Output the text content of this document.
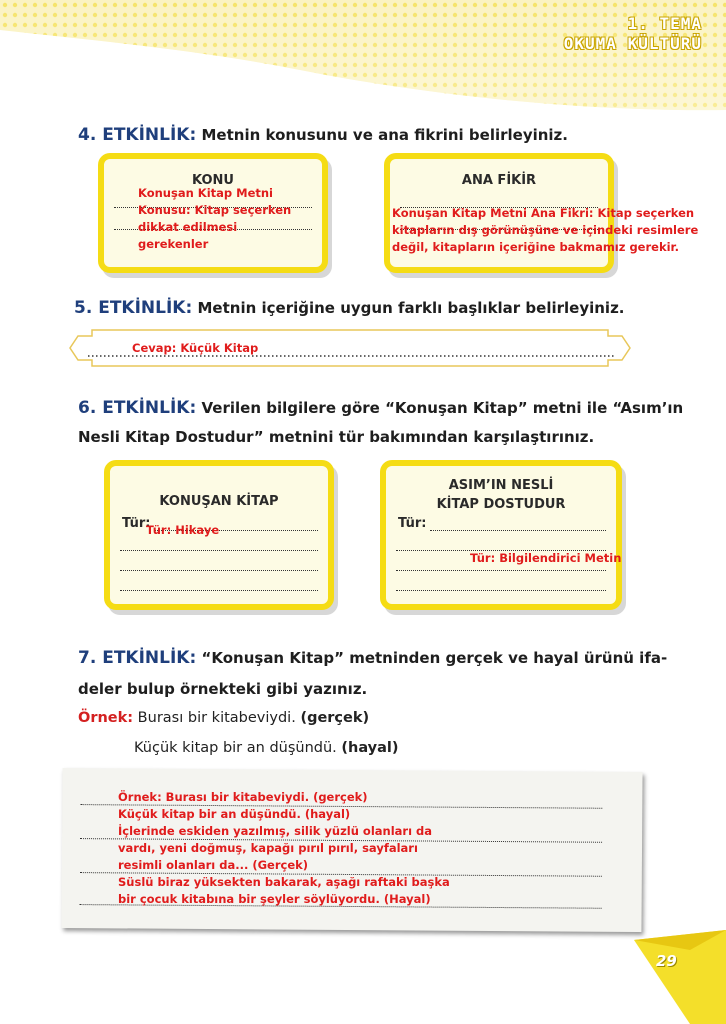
1. TEMA
OKUMA KÜLTÜRÜ
4. ETKİNLİK: Metnin konusunu ve ana fikrini belirleyiniz.
KONU
Konuşan Kitap Metni
Konusu: Kitap seçerken
dikkat edilmesi
gerekenler
ANA FİKİR
Konuşan Kitap Metni Ana Fikri: Kitap seçerken
kitapların dış görünüşüne ve içindeki resimlere
değil, kitapların içeriğine bakmamız gerekir.
5. ETKİNLİK: Metnin içeriğine uygun farklı başlıklar belirleyiniz.
Cevap: Küçük Kitap
6. ETKİNLİK: Verilen bilgilere göre “Konuşan Kitap” metni ile “Asım’ın
Nesli Kitap Dostudur” metnini tür bakımından karşılaştırınız.
KONUŞAN KİTAP
Tür:
Tür: Hikaye
ASIM’IN NESLİ
KİTAP DOSTUDUR
Tür:
Tür: Bilgilendirici Metin
7. ETKİNLİK: “Konuşan Kitap” metninden gerçek ve hayal ürünü ifa-
deler bulup örnekteki gibi yazınız.
Örnek: Burası bir kitabeviydi. (gerçek)
Küçük kitap bir an düşündü. (hayal)
Örnek: Burası bir kitabeviydi. (gerçek)
Küçük kitap bir an düşündü. (hayal)
İçlerinde eskiden yazılmış, silik yüzlü olanları da
vardı, yeni doğmuş, kapağı pırıl pırıl, sayfaları
resimli olanları da... (Gerçek)
Süslü biraz yüksekten bakarak, aşağı raftaki başka
bir çocuk kitabına bir şeyler söylüyordu. (Hayal)
29
